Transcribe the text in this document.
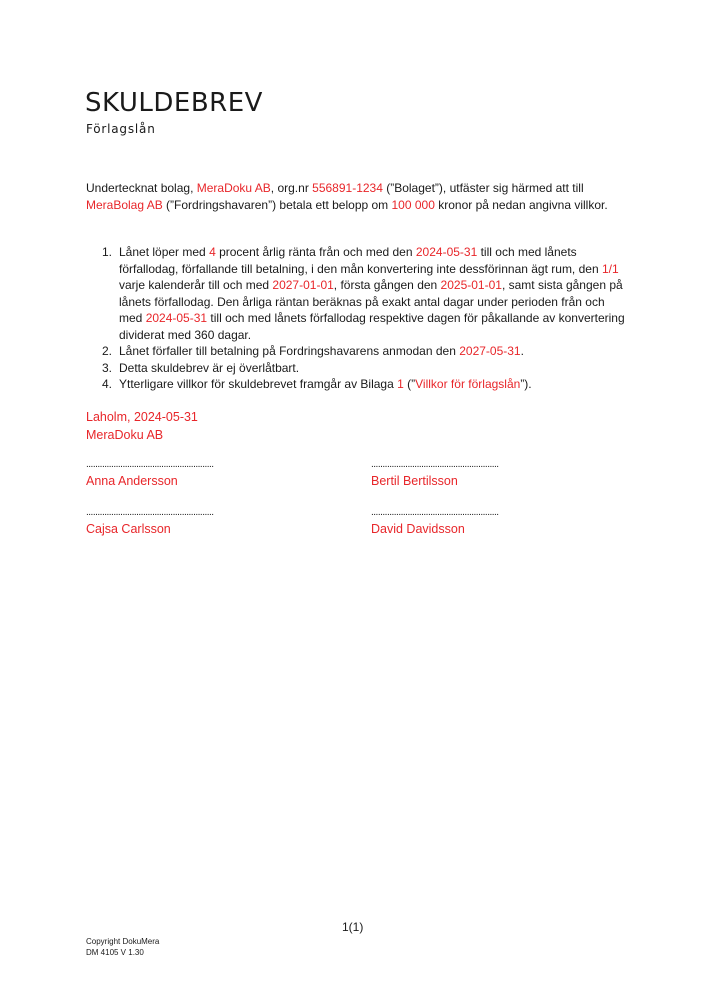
SKULDEBREV
Förlagslån

Undertecknat bolag, MeraDoku AB, org.nr 556891-1234 (”Bolaget”), utfäster sig härmed att till MeraBolag AB (”Fordringshavaren”) betala ett belopp om 100 000 kronor på nedan angivna villkor.

1. Lånet löper med 4 procent årlig ränta från och med den 2024-05-31 till och med lånets förfallodag, förfallande till betalning, i den mån konvertering inte dessförinnan ägt rum, den 1/1 varje kalenderår till och med 2027-01-01, första gången den 2025-01-01, samt sista gången på lånets förfallodag. Den årliga räntan beräknas på exakt antal dagar under perioden från och med 2024-05-31 till och med lånets förfallodag respektive dagen för påkallande av konvertering dividerat med 360 dagar.
2. Lånet förfaller till betalning på Fordringshavarens anmodan den 2027-05-31.
3. Detta skuldebrev är ej överlåtbart.
4. Ytterligare villkor för skuldebrevet framgår av Bilaga 1 (”Villkor för förlagslån”).
Laholm, 2024-05-31
MeraDoku AB
........................................................
Anna Andersson
........................................................
Bertil Bertilsson
........................................................
Cajsa Carlsson
........................................................
David Davidsson
1(1)
Copyright DokuMera
DM 4105 V 1.30
